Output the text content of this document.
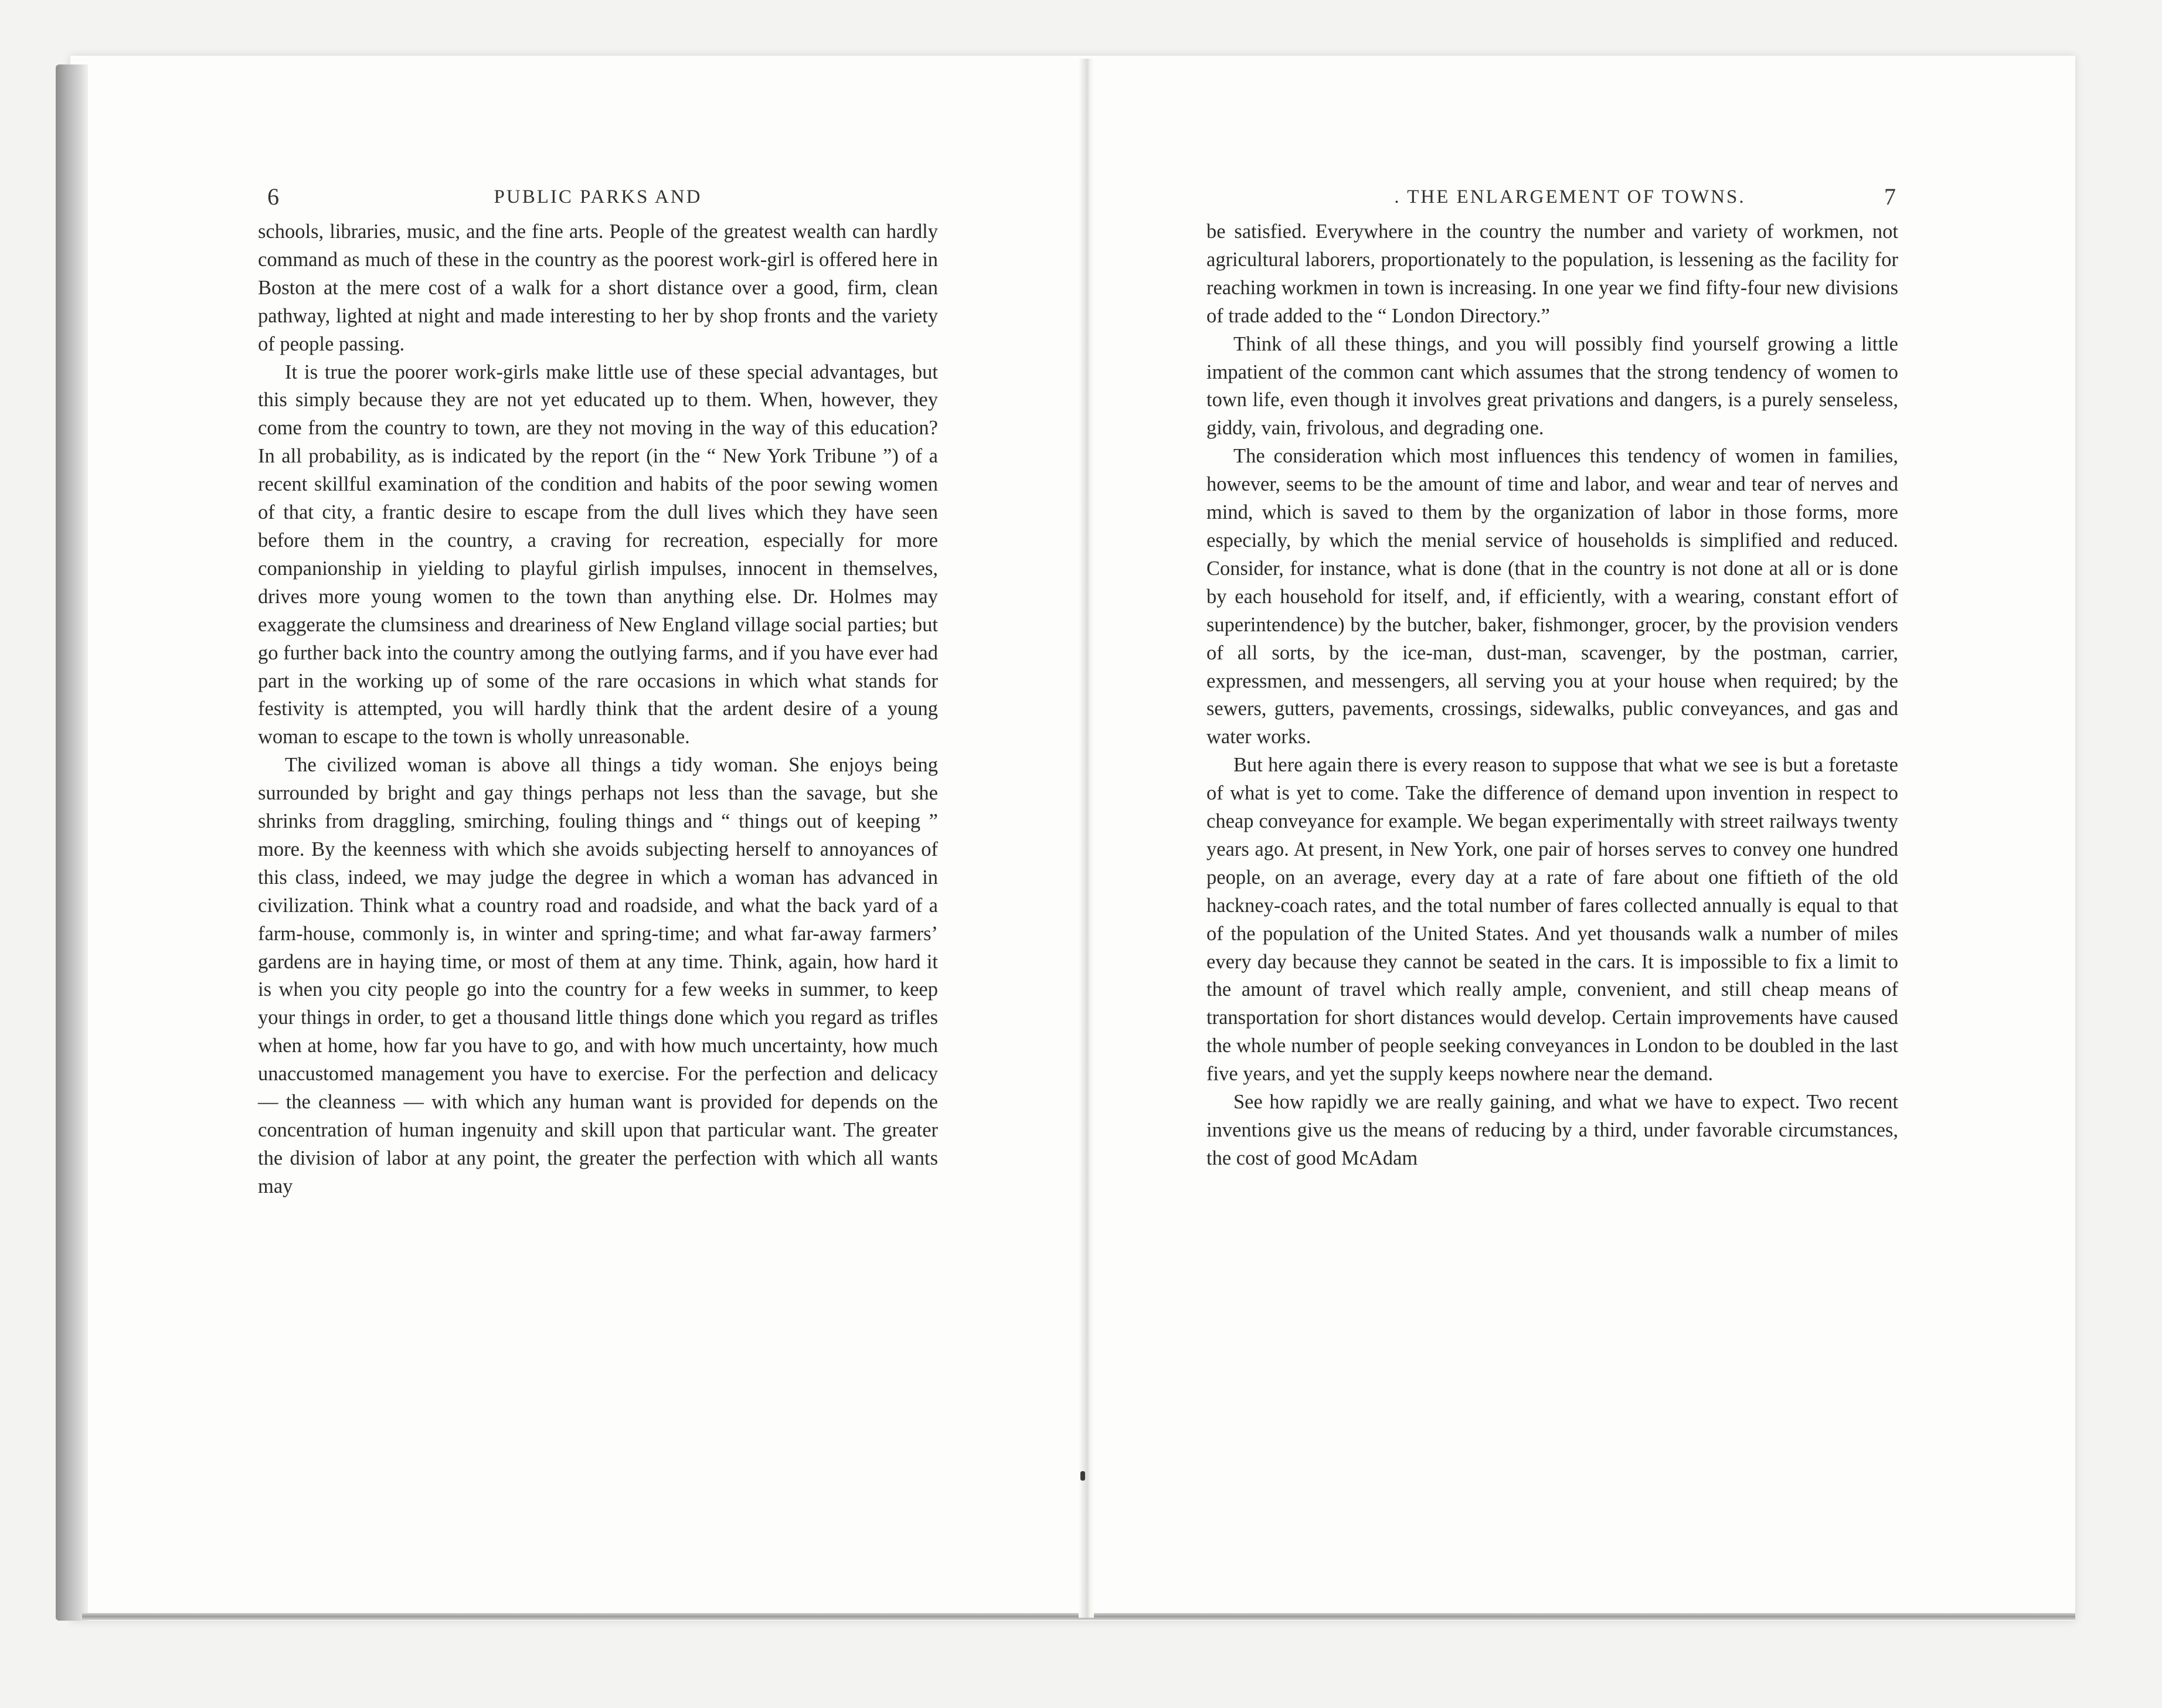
6	PUBLIC PARKS AND

schools, libraries, music, and the fine arts. People of the greatest wealth can hardly command as much of these in the country as the poorest work-girl is offered here in Boston at the mere cost of a walk for a short distance over a good, firm, clean pathway, lighted at night and made interesting to her by shop fronts and the variety of people passing.

It is true the poorer work-girls make little use of these special advantages, but this simply because they are not yet educated up to them. When, however, they come from the country to town, are they not moving in the way of this education? In all probability, as is indicated by the report (in the “ New York Tribune ”) of a recent skillful examination of the condition and habits of the poor sewing women of that city, a frantic desire to escape from the dull lives which they have seen before them in the country, a craving for recreation, especially for more companionship in yielding to playful girlish impulses, innocent in themselves, drives more young women to the town than anything else. Dr. Holmes may exaggerate the clumsiness and dreariness of New England village social parties; but go further back into the country among the outlying farms, and if you have ever had part in the working up of some of the rare occasions in which what stands for festivity is attempted, you will hardly think that the ardent desire of a young woman to escape to the town is wholly unreasonable.

The civilized woman is above all things a tidy woman. She enjoys being surrounded by bright and gay things perhaps not less than the savage, but she shrinks from draggling, smirching, fouling things and “ things out of keeping ” more. By the keenness with which she avoids subjecting herself to annoyances of this class, indeed, we may judge the degree in which a woman has advanced in civilization. Think what a country road and roadside, and what the back yard of a farm-house, commonly is, in winter and spring-time; and what far-away farmers’ gardens are in haying time, or most of them at any time. Think, again, how hard it is when you city people go into the country for a few weeks in summer, to keep your things in order, to get a thousand little things done which you regard as trifles when at home, how far you have to go, and with how much uncertainty, how much unaccustomed management you have to exercise. For the perfection and delicacy — the cleanness — with which any human want is provided for depends on the concentration of human ingenuity and skill upon that particular want. The greater the division of labor at any point, the greater the perfection with which all wants may

. THE ENLARGEMENT OF TOWNS.	7

be satisfied. Everywhere in the country the number and variety of workmen, not agricultural laborers, proportionately to the population, is lessening as the facility for reaching workmen in town is increasing. In one year we find fifty-four new divisions of trade added to the “ London Directory.”

Think of all these things, and you will possibly find yourself growing a little impatient of the common cant which assumes that the strong tendency of women to town life, even though it involves great privations and dangers, is a purely senseless, giddy, vain, frivolous, and degrading one.

The consideration which most influences this tendency of women in families, however, seems to be the amount of time and labor, and wear and tear of nerves and mind, which is saved to them by the organization of labor in those forms, more especially, by which the menial service of households is simplified and reduced. Consider, for instance, what is done (that in the country is not done at all or is done by each household for itself, and, if efficiently, with a wearing, constant effort of superintendence) by the butcher, baker, fishmonger, grocer, by the provision venders of all sorts, by the ice-man, dust-man, scavenger, by the postman, carrier, expressmen, and messengers, all serving you at your house when required; by the sewers, gutters, pavements, crossings, sidewalks, public conveyances, and gas and water works.

But here again there is every reason to suppose that what we see is but a foretaste of what is yet to come. Take the difference of demand upon invention in respect to cheap conveyance for example. We began experimentally with street railways twenty years ago. At present, in New York, one pair of horses serves to convey one hundred people, on an average, every day at a rate of fare about one fiftieth of the old hackney-coach rates, and the total number of fares collected annually is equal to that of the population of the United States. And yet thousands walk a number of miles every day because they cannot be seated in the cars. It is impossible to fix a limit to the amount of travel which really ample, convenient, and still cheap means of transportation for short distances would develop. Certain improvements have caused the whole number of people seeking conveyances in London to be doubled in the last five years, and yet the supply keeps nowhere near the demand.

See how rapidly we are really gaining, and what we have to expect. Two recent inventions give us the means of reducing by a third, under favorable circumstances, the cost of good McAdam
